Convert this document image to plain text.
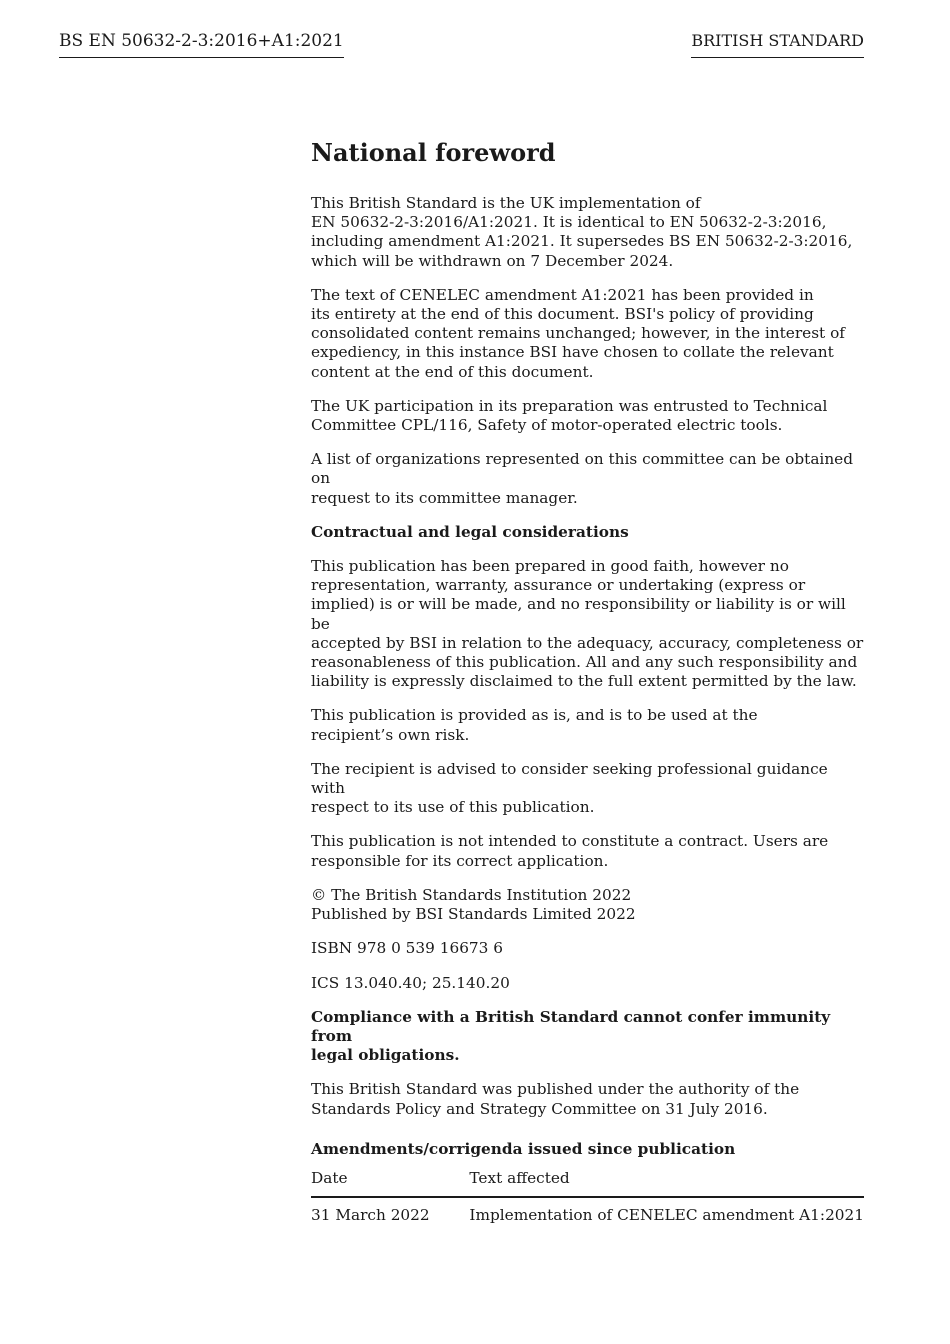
BS EN 50632-2-3:2016+A1:2021	BRITISH STANDARD
National foreword

This British Standard is the UK implementation of
EN 50632-2-3:2016/A1:2021. It is identical to EN 50632-2-3:2016,
including amendment A1:2021. It supersedes BS EN 50632-2-3:2016,
which will be withdrawn on 7 December 2024.

The text of CENELEC amendment A1:2021 has been provided in
its entirety at the end of this document. BSI's policy of providing
consolidated content remains unchanged; however, in the interest of
expediency, in this instance BSI have chosen to collate the relevant
content at the end of this document.

The UK participation in its preparation was entrusted to Technical
Committee CPL/116, Safety of motor-operated electric tools.

A list of organizations represented on this committee can be obtained on
request to its committee manager.

Contractual and legal considerations

This publication has been prepared in good faith, however no
representation, warranty, assurance or undertaking (express or
implied) is or will be made, and no responsibility or liability is or will be
accepted by BSI in relation to the adequacy, accuracy, completeness or
reasonableness of this publication. All and any such responsibility and
liability is expressly disclaimed to the full extent permitted by the law.

This publication is provided as is, and is to be used at the
recipient’s own risk.

The recipient is advised to consider seeking professional guidance with
respect to its use of this publication.

This publication is not intended to constitute a contract. Users are
responsible for its correct application.

© The British Standards Institution 2022
Published by BSI Standards Limited 2022

ISBN 978 0 539 16673 6

ICS 13.040.40; 25.140.20

Compliance with a British Standard cannot confer immunity from
legal obligations.

This British Standard was published under the authority of the
Standards Policy and Strategy Committee on 31 July 2016.

Amendments/corrigenda issued since publication
Date	Text affected
31 March 2022	Implementation of CENELEC amendment A1:2021
